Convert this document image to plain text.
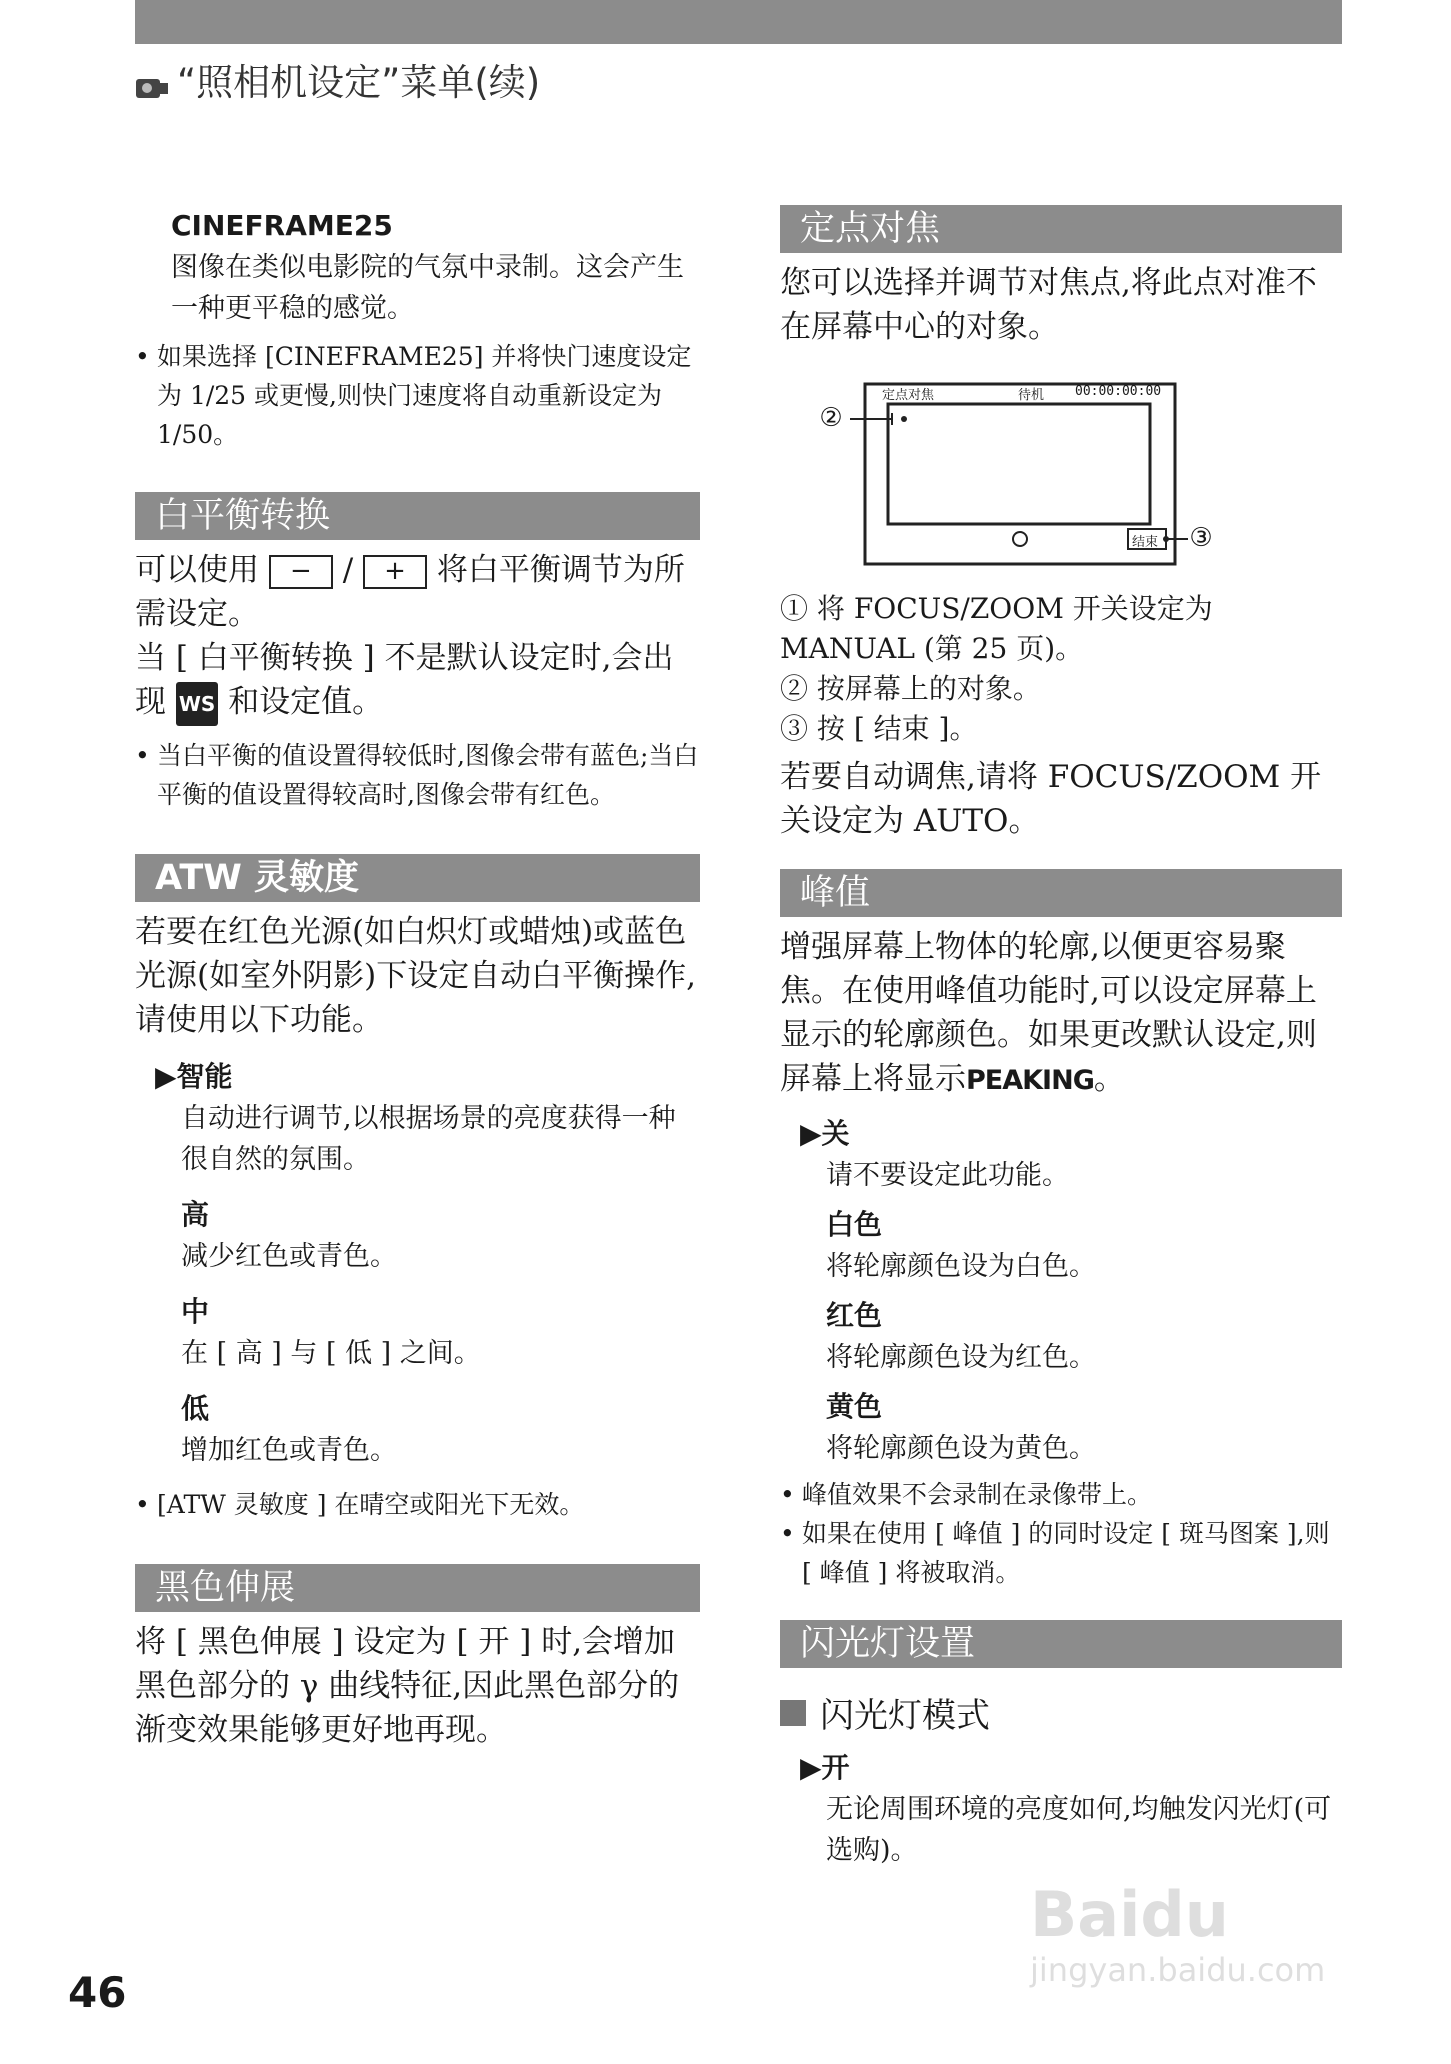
“照相机设定”菜单(续)

CINEFRAME25

图像在类似电影院的气氛中录制。这会产生一种更平稳的感觉。

• 如果选择 [CINEFRAME25] 并将快门速度设定为 1/25 或更慢,则快门速度将自动重新设定为 1/50。

白平衡转换

可以使用 − / + 将白平衡调节为所需设定。

当 [ 白平衡转换 ] 不是默认设定时,会出现 WS 和设定值。

• 当白平衡的值设置得较低时,图像会带有蓝色;当白平衡的值设置得较高时,图像会带有红色。

ATW 灵敏度

若要在红色光源(如白炽灯或蜡烛)或蓝色光源(如室外阴影)下设定自动白平衡操作,请使用以下功能。

▶智能

自动进行调节,以根据场景的亮度获得一种很自然的氛围。

高

减少红色或青色。

中

在 [ 高 ] 与 [ 低 ] 之间。

低

增加红色或青色。

• [ATW 灵敏度 ] 在晴空或阳光下无效。

黑色伸展

将 [ 黑色伸展 ] 设定为 [ 开 ] 时,会增加黑色部分的 γ 曲线特征,因此黑色部分的渐变效果能够更好地再现。

定点对焦

您可以选择并调节对焦点,将此点对准不在屏幕中心的对象。

定点对焦	待机 00:00:00:00
结束
②
③

① 将 FOCUS/ZOOM 开关设定为 MANUAL (第 25 页)。

② 按屏幕上的对象。

③ 按 [ 结束 ]。

若要自动调焦,请将 FOCUS/ZOOM 开关设定为 AUTO。

峰值

增强屏幕上物体的轮廓,以便更容易聚焦。在使用峰值功能时,可以设定屏幕上显示的轮廓颜色。如果更改默认设定,则屏幕上将显示PEAKING。

▶关

请不要设定此功能。

白色

将轮廓颜色设为白色。

红色

将轮廓颜色设为红色。

黄色

将轮廓颜色设为黄色。

• 峰值效果不会录制在录像带上。

• 如果在使用 [ 峰值 ] 的同时设定 [ 斑马图案 ],则 [ 峰值 ] 将被取消。

闪光灯设置
闪光灯模式

▶开

无论周围环境的亮度如何,均触发闪光灯(可选购)。

46
Baidu
jingyan.baidu.com
